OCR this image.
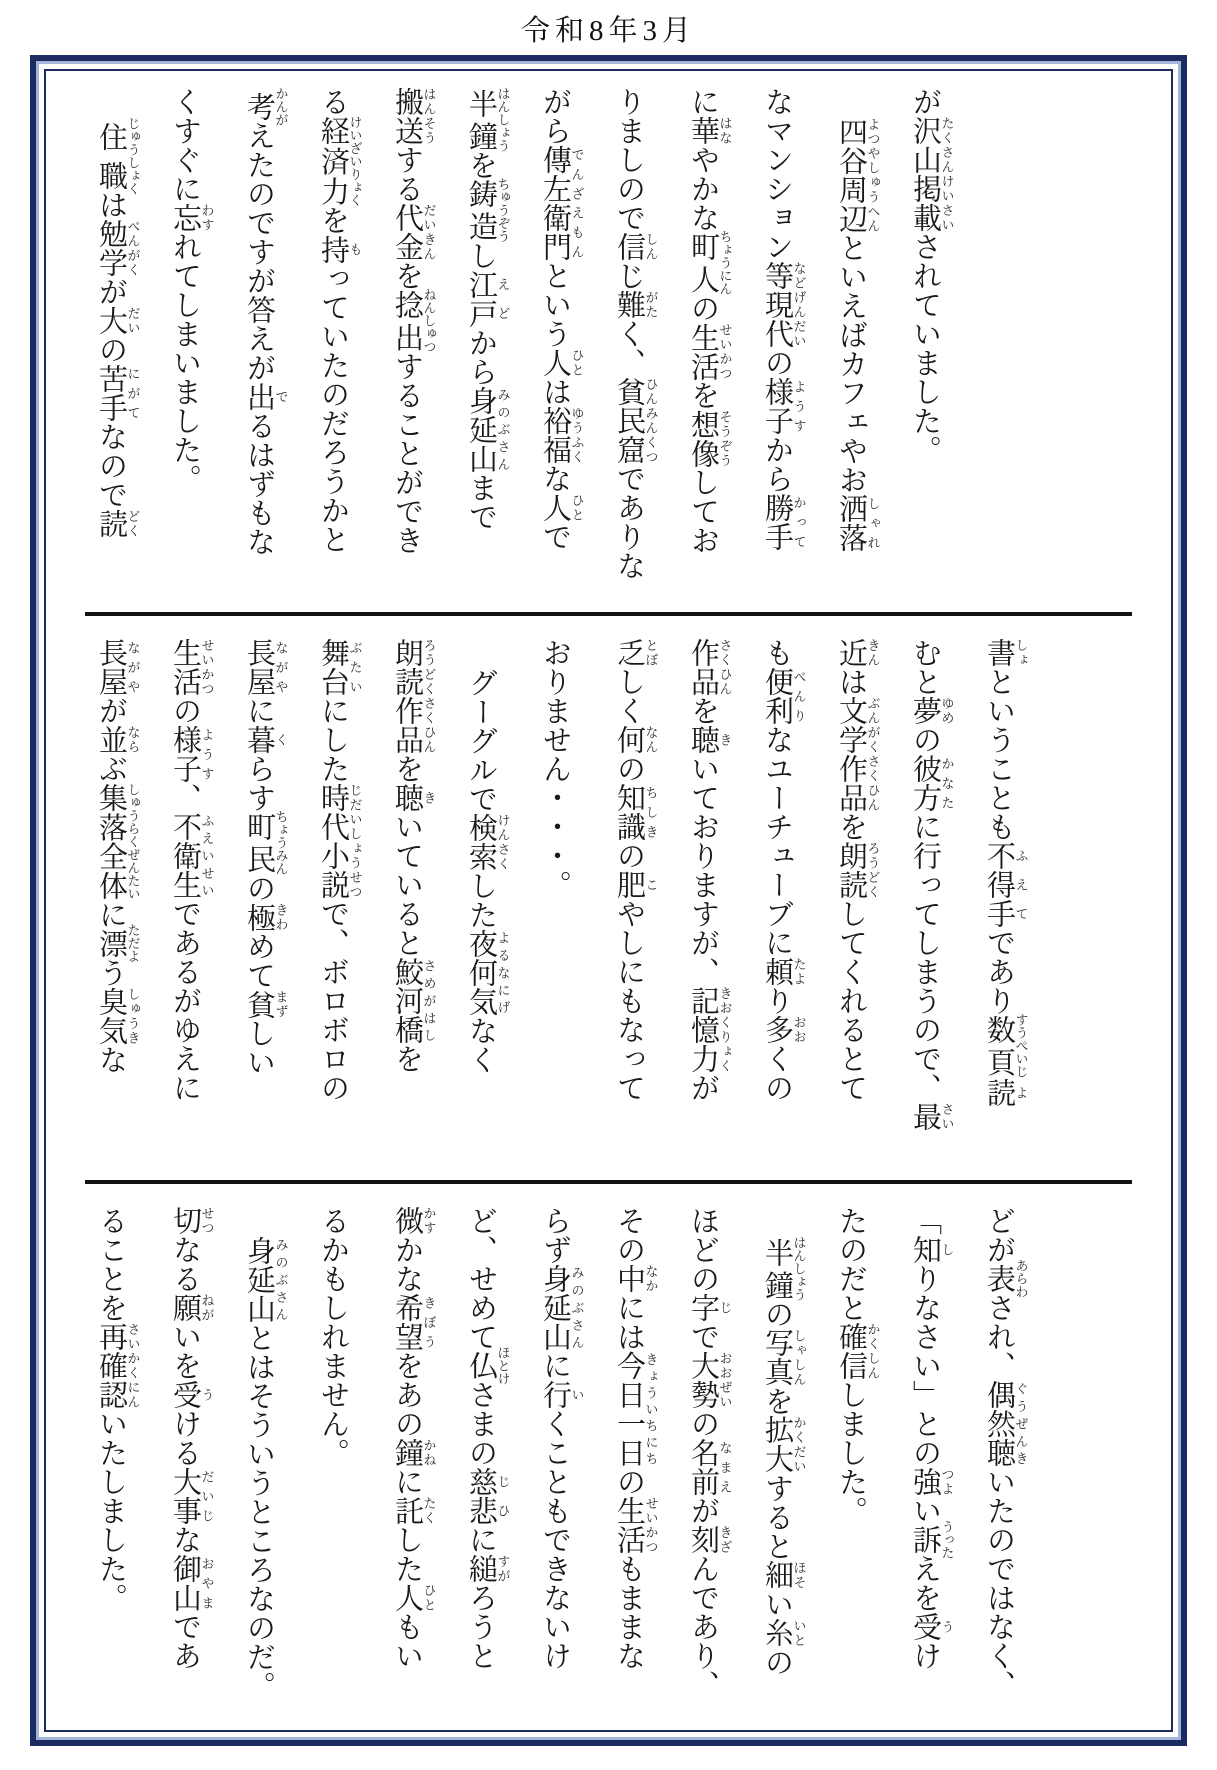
令和8年3月
が沢山掲載たくさんけいさいされていました。
四谷周辺よつやしゅうへんといえばカフェやお洒落しゃれ
なマンション等現代などげんだいの様子ようすから勝手かって
に華はなやかな町人ちょうにんの生活せいかつを想像そうぞうしてお
りましので信しんじ難がたく、貧民窟ひんみんくつでありな
がら傳左衛門でんざえもんという人ひとは裕福ゆうふくな人ひとで
半鐘はんしょうを鋳造ちゅうぞうし江戸えどから身延山みのぶさんまで
搬送はんそうする代金だいきんを捻出ねんしゅつすることができ
る経済力けいざいりょくを持もっていたのだろうかと
考かんがえたのですが答えが出でるはずもな
くすぐに忘わすれてしまいました。
住職じゅうしょくは勉学べんがくが大だいの苦手にがてなので読どく
書しょということも不得手ふえてであり数頁すうぺいじ読よ
むと夢ゆめの彼方かなたに行ってしまうので、最さい
近きんは文学作品ぶんがくさくひんを朗読ろうどくしてくれるとて
も便利べんりなユーチューブに頼たより多おおくの
作品さくひんを聴きいておりますが、記憶力きおくりょくが
乏とぼしく何なんの知識ちしきの肥こやしにもなって
おりません・・・。
グーグルで検索けんさくした夜何気よるなにげなく
朗読作品ろうどくさくひんを聴きいていると鮫河橋さめがはしを
舞台ぶたいにした時代小説じだいしょうせつで、ボロボロの
長屋ながやに暮くらす町民ちょうみんの極きわめて貧まずしい
生活せいかつの様子ようす、不衛生ふえいせいであるがゆえに
長屋ながやが並ならぶ集落全体しゅうらくぜんたいに漂ただよう臭気しゅうきな
どが表あらわされ、偶然聴ぐうぜんきいたのではなく、
「知しりなさい」との強つよい訴うったえを受うけ
たのだと確信かくしんしました。
半鐘はんしょうの写真しゃしんを拡大かくだいすると細ほそい糸いとの
ほどの字じで大勢おおぜいの名前なまえが刻きざんであり、
その中なかには今日一日きょういちにちの生活せいかつもままな
らず身延山みのぶさんに行いくこともできないけ
ど、せめて仏ほとけさまの慈悲じひに縋すがろうと
微かすかな希望きぼうをあの鐘かねに託たくした人ひともい
るかもしれません。
身延山みのぶさんとはそういうところなのだ。
切せつなる願ねがいを受うける大事だいじな御山おやまであ
ることを再確認さいかくにんいたしました。
